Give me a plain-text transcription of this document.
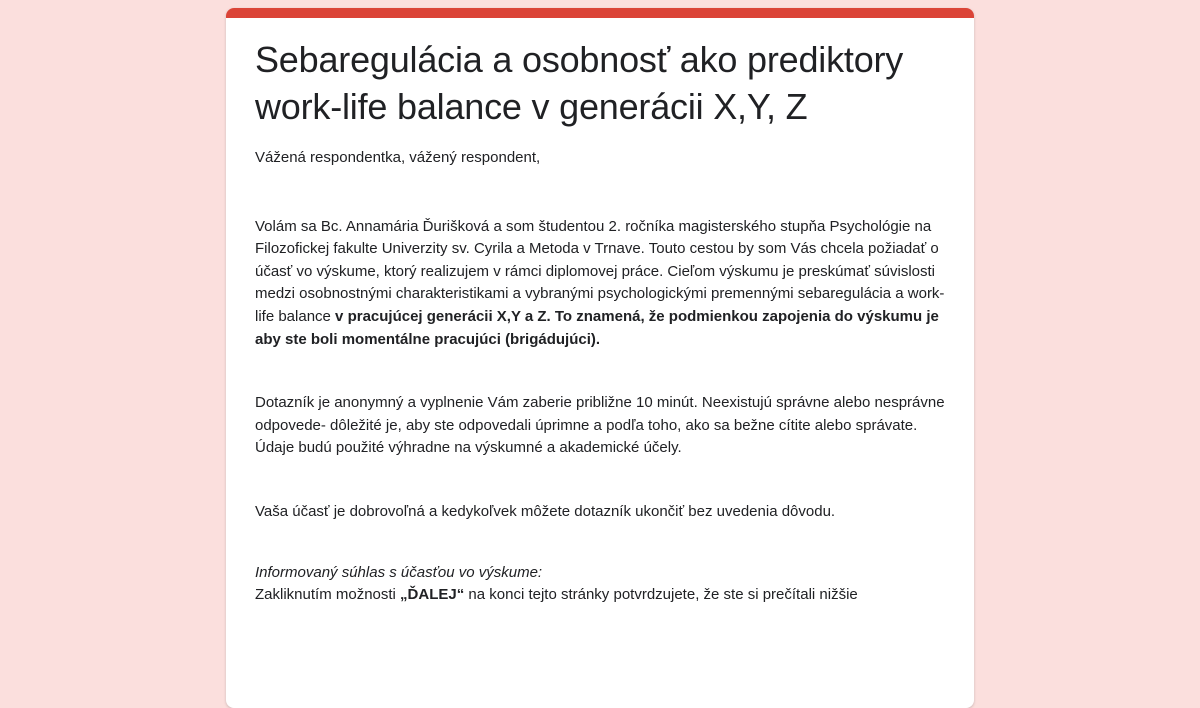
Sebaregulácia a osobnosť ako prediktory work-life balance v generácii X,Y, Z

Vážená respondentka, vážený respondent,

Volám sa Bc. Annamária Ďurišková a som študentou 2. ročníka magisterského stupňa Psychológie na Filozofickej fakulte Univerzity sv. Cyrila a Metoda v Trnave. Touto cestou by som Vás chcela požiadať o účasť vo výskume, ktorý realizujem v rámci diplomovej práce. Cieľom výskumu je preskúmať súvislosti medzi osobnostnými charakteristikami a vybranými psychologickými premennými sebaregulácia a work-life balance v pracujúcej generácii X,Y a Z. To znamená, že podmienkou zapojenia do výskumu je aby ste boli momentálne pracujúci (brigádujúci).

Dotazník je anonymný a vyplnenie Vám zaberie približne 10 minút. Neexistujú správne alebo nesprávne odpovede- dôležité je, aby ste odpovedali úprimne a podľa toho, ako sa bežne cítite alebo správate. Údaje budú použité výhradne na výskumné a akademické účely.

Vaša účasť je dobrovoľná a kedykoľvek môžete dotazník ukončiť bez uvedenia dôvodu.

Informovaný súhlas s účasťou vo výskume:

Zakliknutím možnosti „ĎALEJ“ na konci tejto stránky potvrdzujete, že ste si prečítali nižšie
